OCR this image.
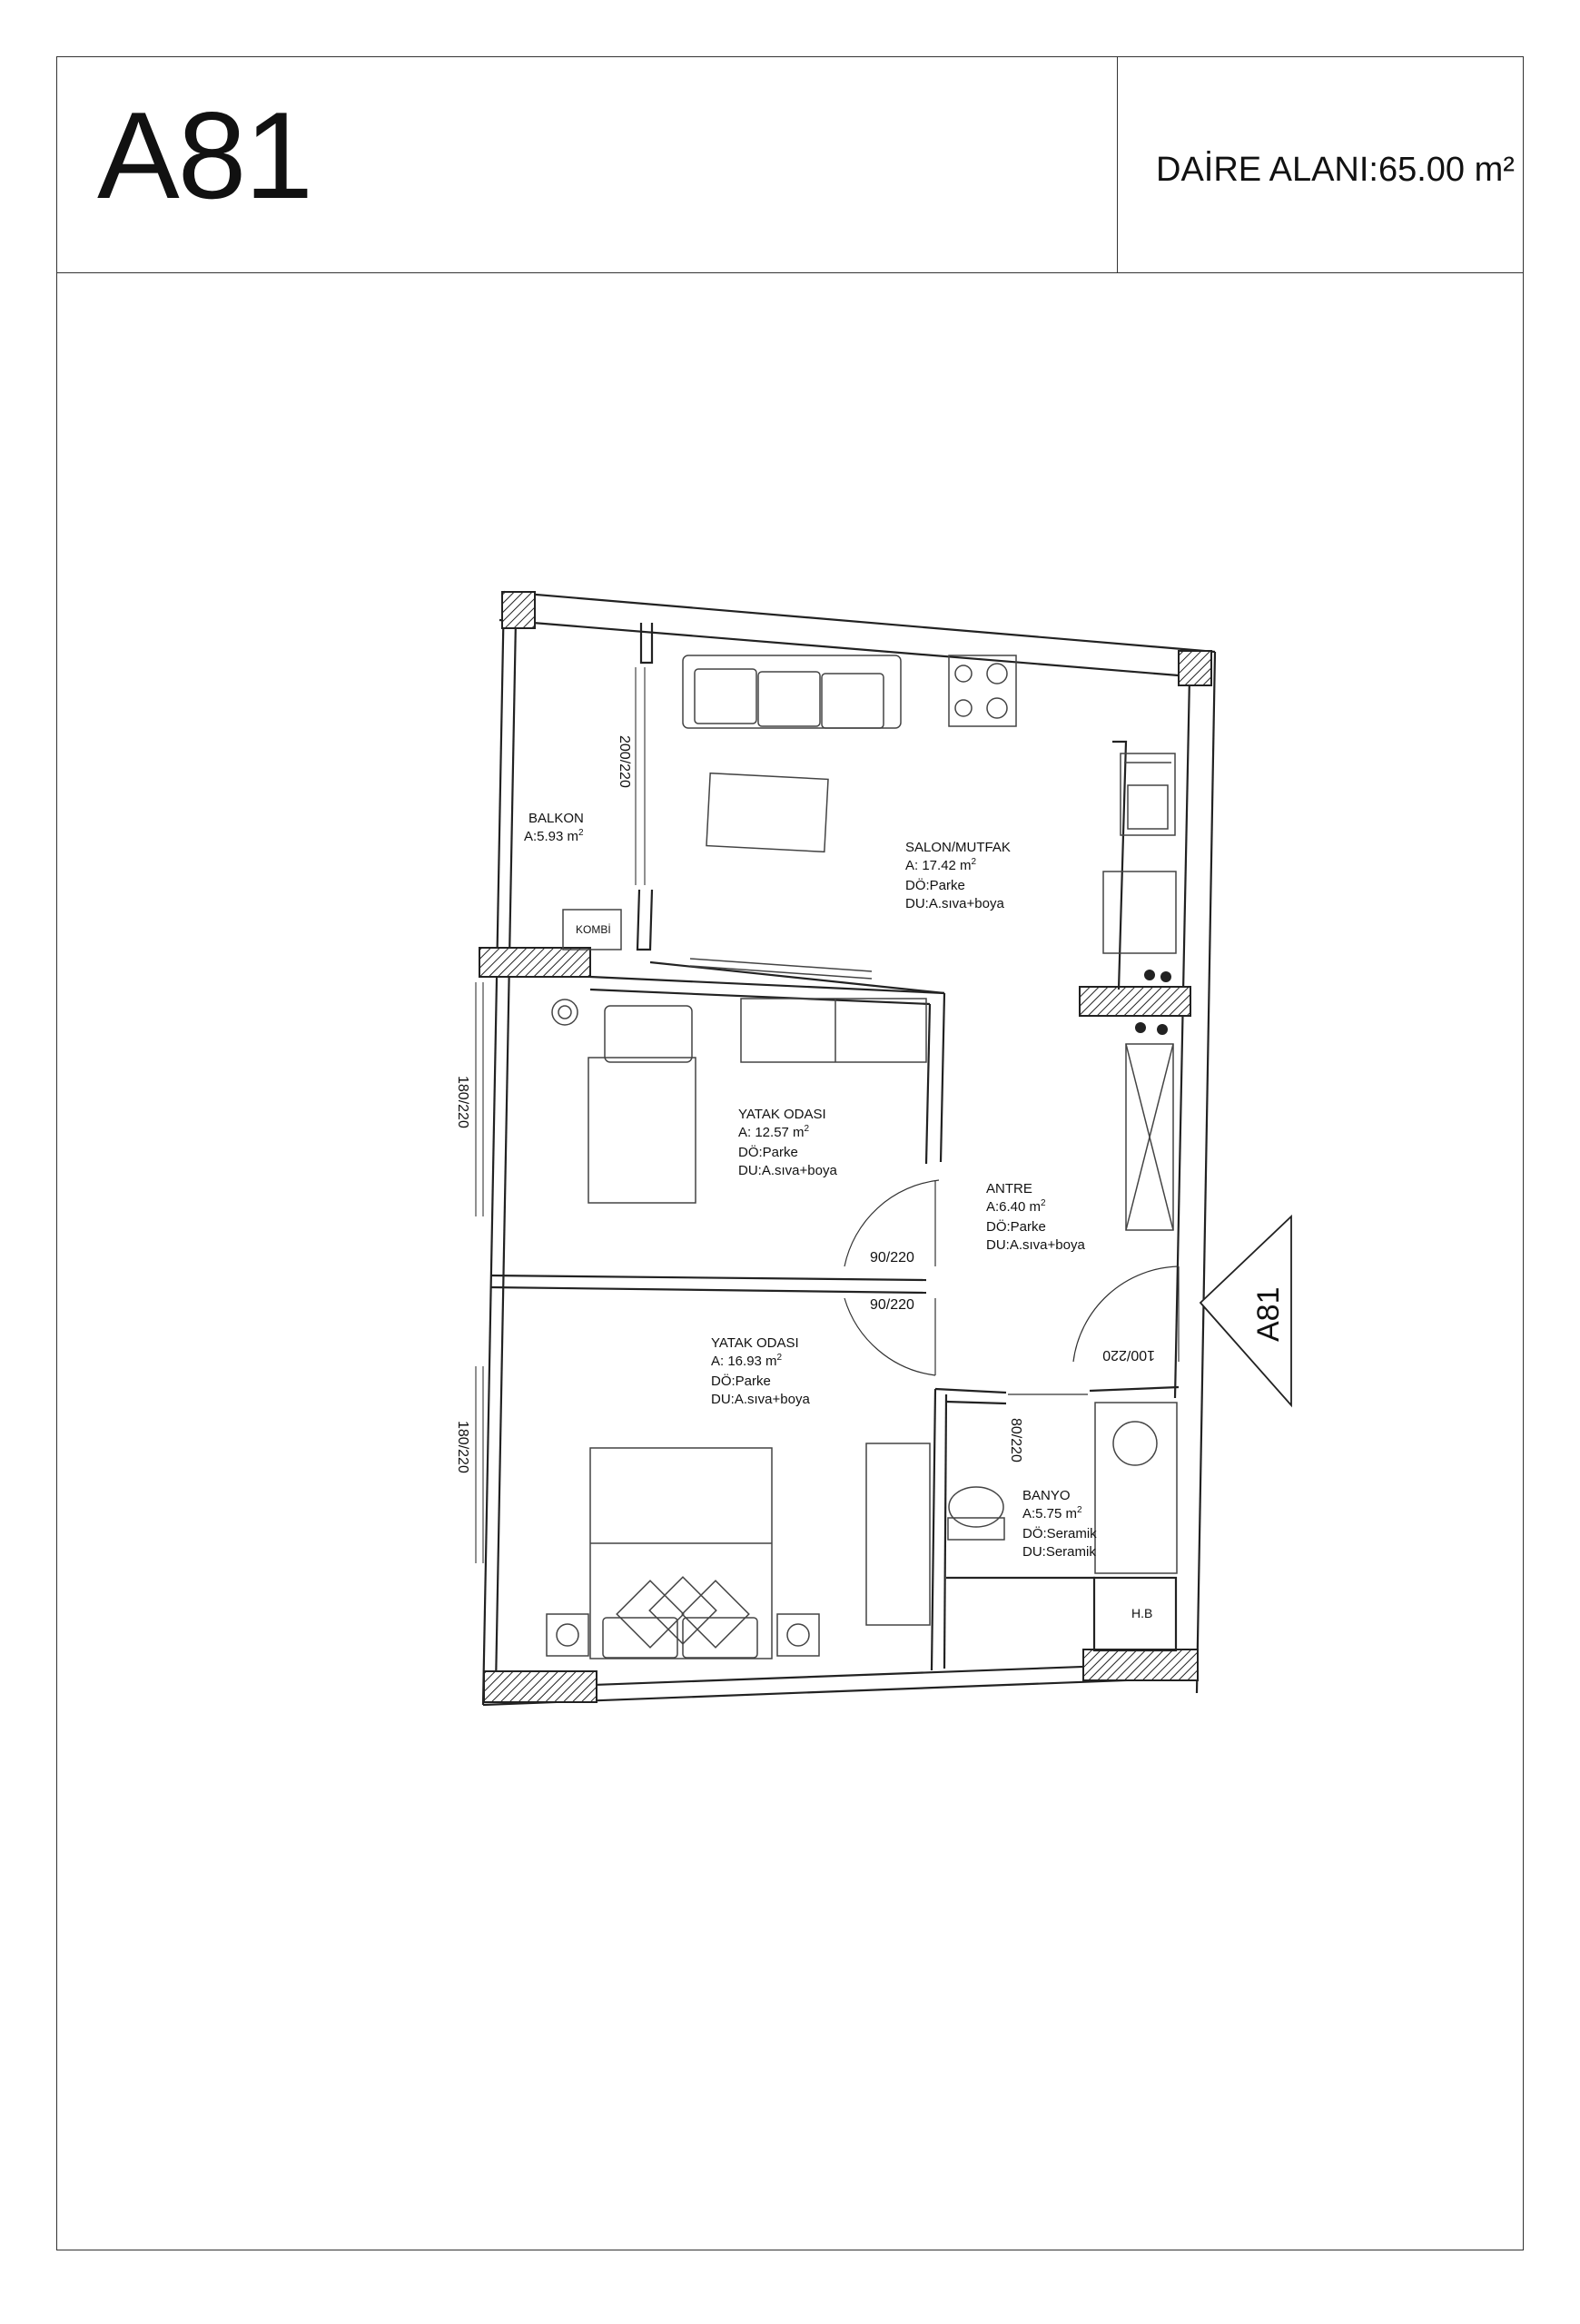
A81	DAİRE ALANI:65.00 m²
BALKON
A:5.93 $m^2$
SALON/MUTFAK
A: 17.42 $m^2$
DÖ:Parke
DU:A.sıva+boya
YATAK ODASI
A: 12.57 $m^2$
DÖ:Parke
DU:A.sıva+boya
ANTRE
A:6.40 $m^2$
DÖ:Parke
DU:A.sıva+boya
YATAK ODASI
A: 16.93 $m^2$
DÖ:Parke
DU:A.sıva+boya
BANYO
A:5.75 $m^2$
DÖ:Seramik
DU:Seramik
KOMBİ
H.B
200/220
180/220
180/220
90/220
90/220
100/220
80/220
A81
